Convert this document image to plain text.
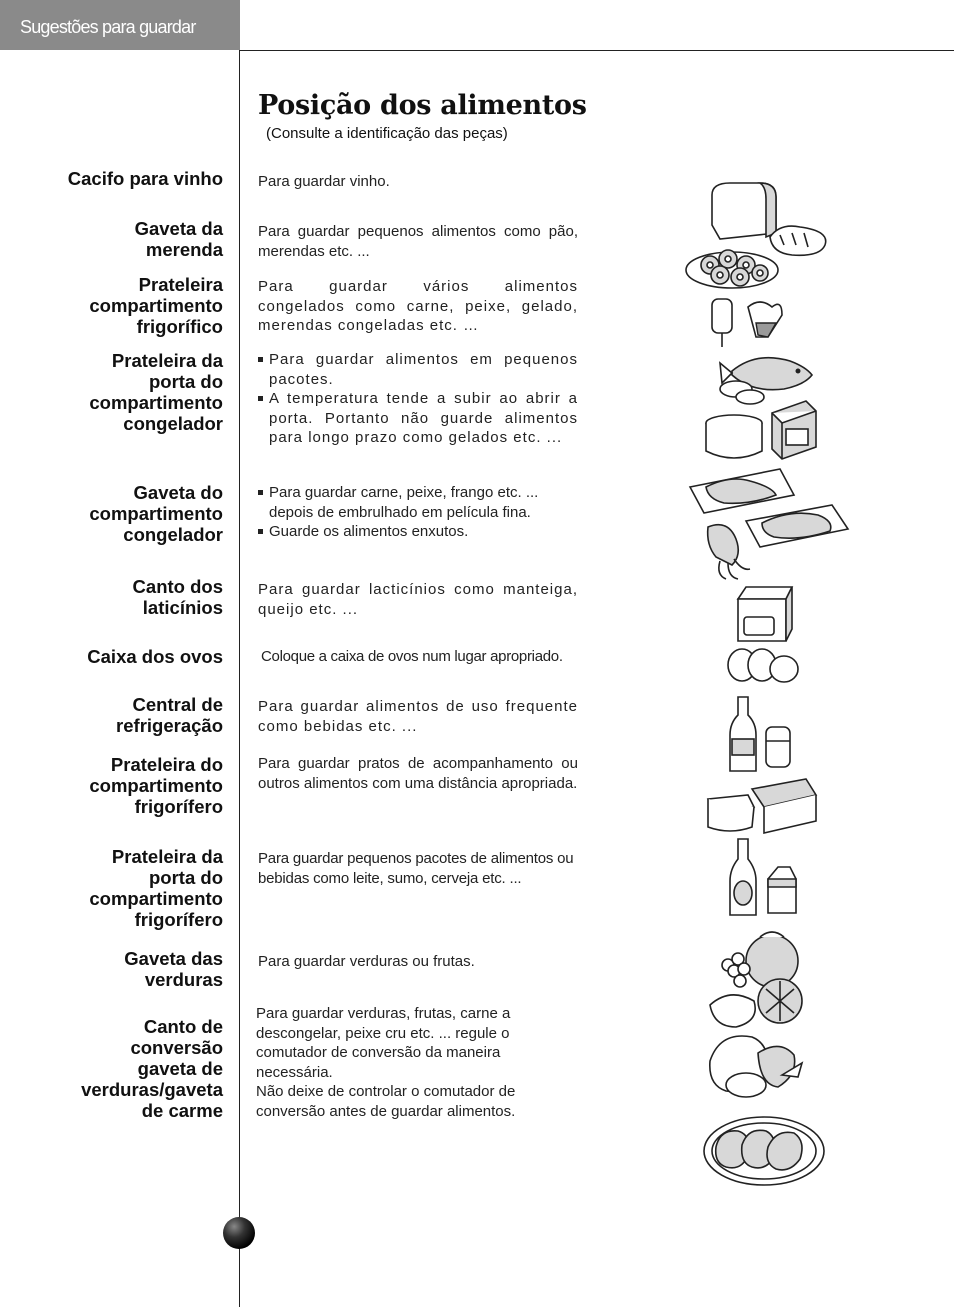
Sugestões para guardar alimentos
Posição dos alimentos
(Consulte a identificação das peças)
Cacifo para vinho Para guardar vinho.
Gaveta da
merenda
Para guardar pequenos alimentos como pão, merendas etc. ...
Prateleira
compartimento
frigorífico
Para guardar vários alimentos congelados como carne, peixe, gelado, merendas congeladas etc. …
Prateleira da
porta do
compartimento
congelador
Para guardar alimentos em pequenos pacotes.
A temperatura tende a subir ao abrir a porta. Portanto não guarde alimentos para longo prazo como gelados etc. ...
Gaveta do
compartimento
congelador
Para guardar carne, peixe, frango etc. ... depois de embrulhado em película fina.
Guarde os alimentos enxutos.
Canto dos
laticínios
Para guardar lacticínios como manteiga, queijo etc. ...
Caixa dos ovos	Coloque a caixa de ovos num lugar apropriado.
Central de
refrigeração
Para guardar alimentos de uso frequente como bebidas etc. ...
Prateleira do
compartimento
frigorífero
Para guardar pratos de acompanhamento ou outros alimentos com uma distância apropriada.
Prateleira da
porta do
compartimento
frigorífero
Para guardar pequenos pacotes de alimentos ou bebidas como leite, sumo, cerveja etc. ...
Gaveta das
verduras
Para guardar verduras ou frutas.
Canto de
conversão
gaveta de
verduras/gaveta
de carme
Para guardar verduras, frutas, carne a descongelar, peixe cru etc. ... regule o comutador de conversão da maneira necessária.
Não deixe de controlar o comutador de conversão antes de guardar alimentos.
